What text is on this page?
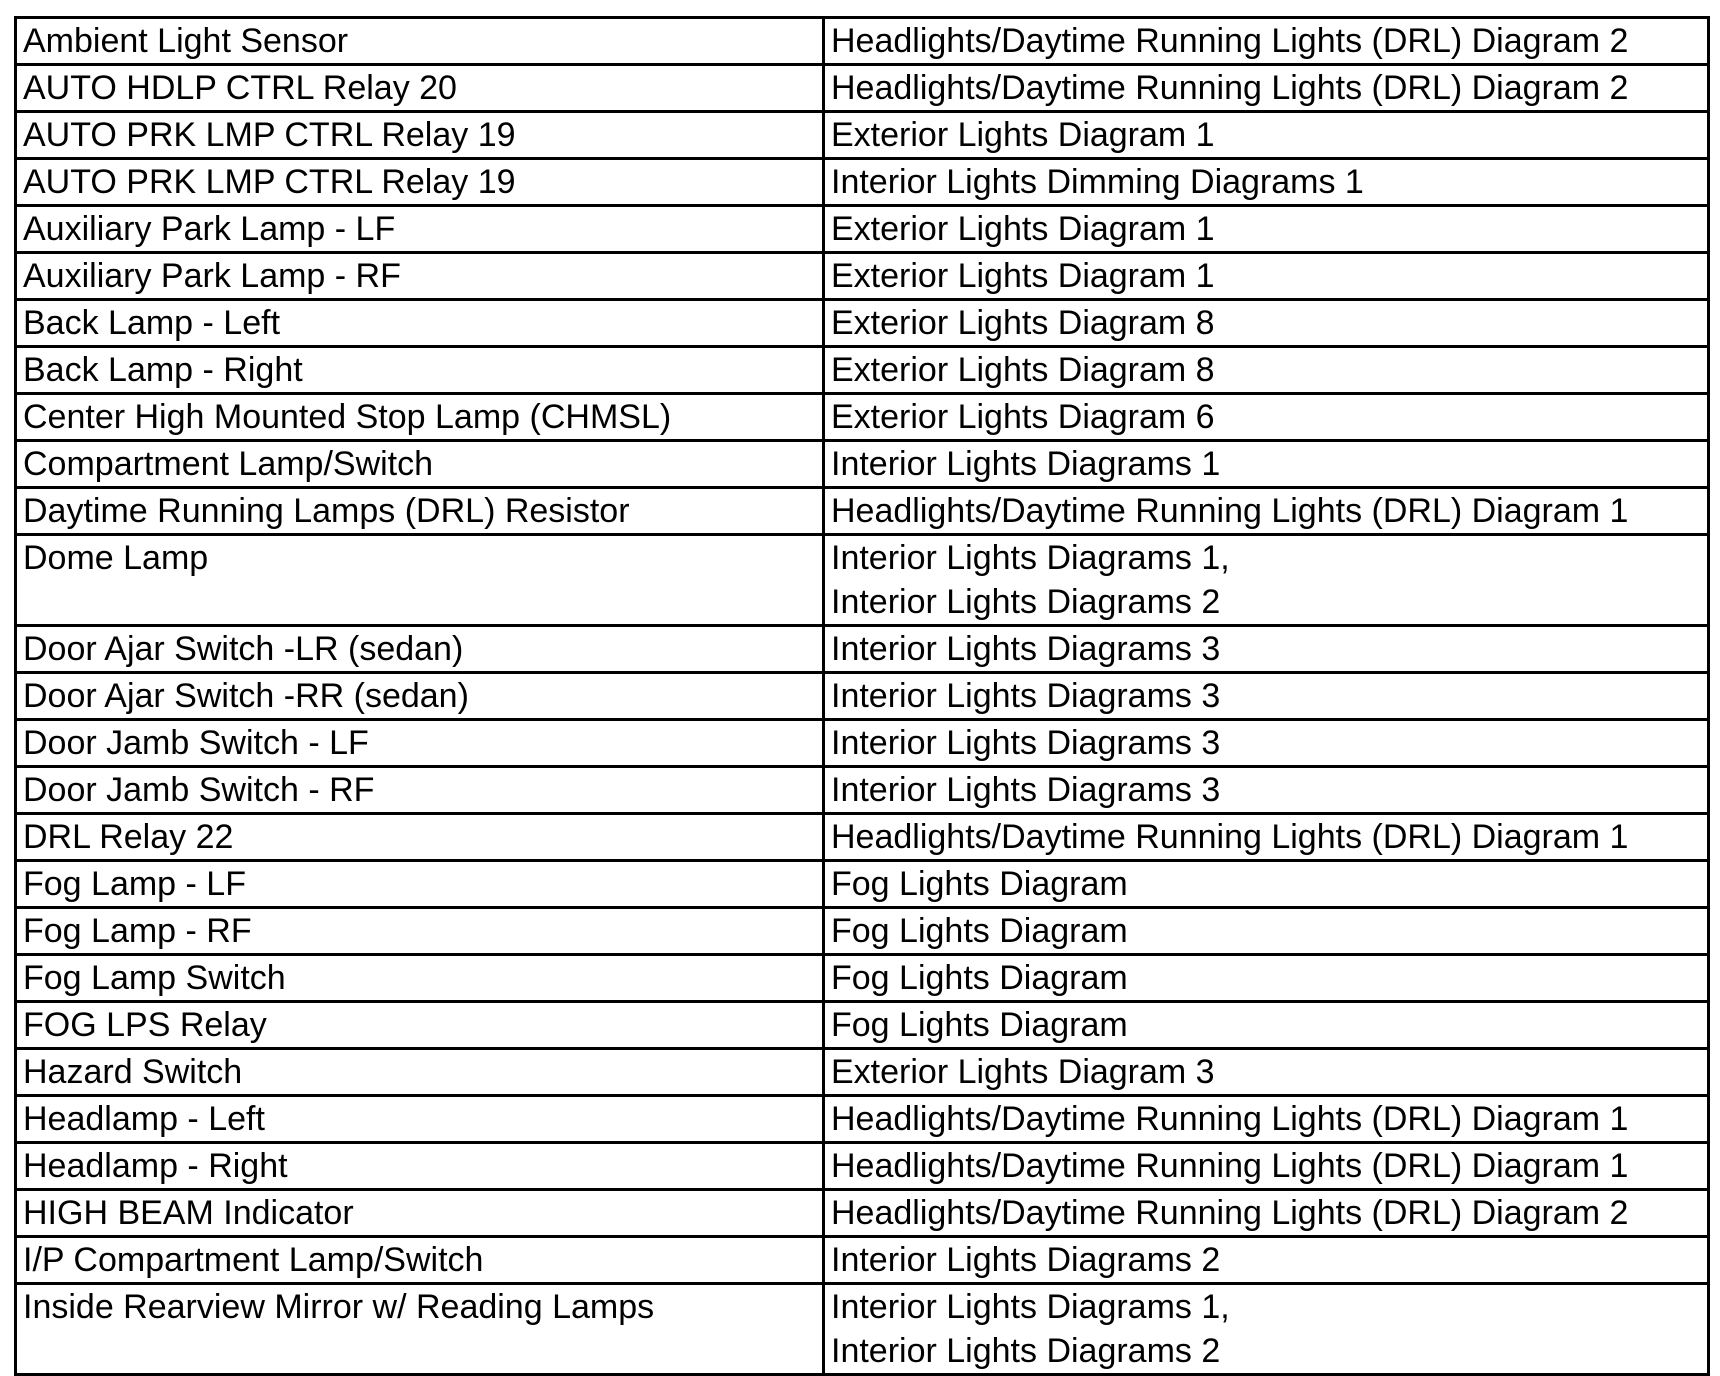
Ambient Light Sensor	Headlights/Daytime Running Lights (DRL) Diagram 2

AUTO HDLP CTRL Relay 20	Headlights/Daytime Running Lights (DRL) Diagram 2

AUTO PRK LMP CTRL Relay 19	Exterior Lights Diagram 1

AUTO PRK LMP CTRL Relay 19	Interior Lights Dimming Diagrams 1

Auxiliary Park Lamp - LF	Exterior Lights Diagram 1

Auxiliary Park Lamp - RF	Exterior Lights Diagram 1

Back Lamp - Left	Exterior Lights Diagram 8

Back Lamp - Right	Exterior Lights Diagram 8

Center High Mounted Stop Lamp (CHMSL)	Exterior Lights Diagram 6

Compartment Lamp/Switch	Interior Lights Diagrams 1

Daytime Running Lamps (DRL) Resistor	Headlights/Daytime Running Lights (DRL) Diagram 1

Dome Lamp	Interior Lights Diagrams 1,
Interior Lights Diagrams 2

Door Ajar Switch -LR (sedan)	Interior Lights Diagrams 3

Door Ajar Switch -RR (sedan)	Interior Lights Diagrams 3

Door Jamb Switch - LF	Interior Lights Diagrams 3

Door Jamb Switch - RF	Interior Lights Diagrams 3

DRL Relay 22	Headlights/Daytime Running Lights (DRL) Diagram 1

Fog Lamp - LF	Fog Lights Diagram

Fog Lamp - RF	Fog Lights Diagram

Fog Lamp Switch	Fog Lights Diagram

FOG LPS Relay	Fog Lights Diagram

Hazard Switch	Exterior Lights Diagram 3

Headlamp - Left	Headlights/Daytime Running Lights (DRL) Diagram 1

Headlamp - Right	Headlights/Daytime Running Lights (DRL) Diagram 1

HIGH BEAM Indicator	Headlights/Daytime Running Lights (DRL) Diagram 2

I/P Compartment Lamp/Switch	Interior Lights Diagrams 2

Inside Rearview Mirror w/ Reading Lamps	Interior Lights Diagrams 1,
Interior Lights Diagrams 2
